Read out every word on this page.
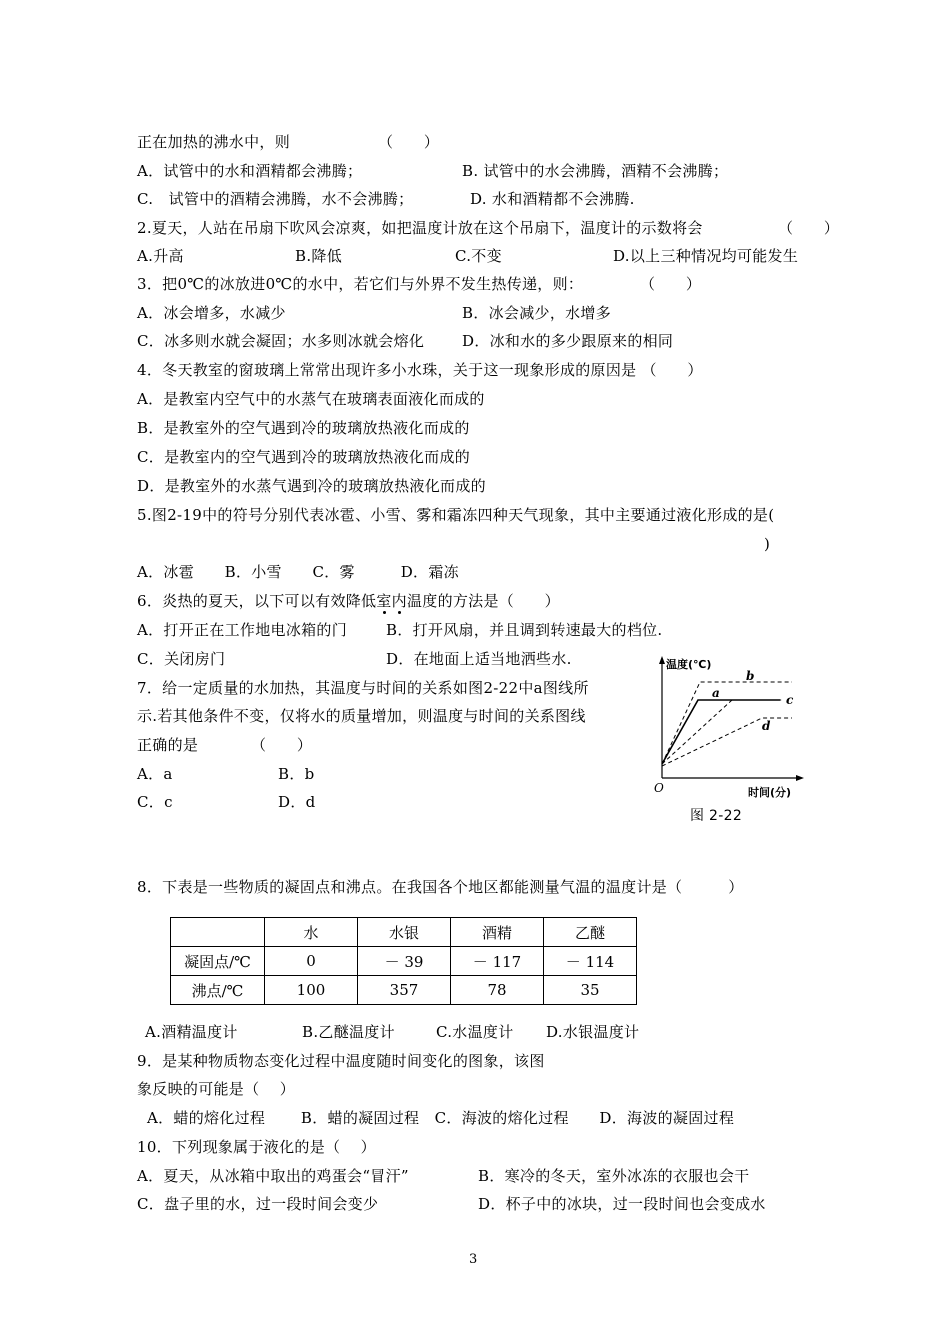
正在加热的沸水中，则	（　　）
A．试管中的水和酒精都会沸腾；	B. 试管中的水会沸腾，酒精不会沸腾；
C.　试管中的酒精会沸腾，水不会沸腾；	D. 水和酒精都不会沸腾.
2.夏天，人站在吊扇下吹风会凉爽，如把温度计放在这个吊扇下，温度计的示数将会	（　　）
A.升高	B.降低	C.不变	D.以上三种情况均可能发生
3．把0℃的冰放进0℃的水中，若它们与外界不发生热传递，则：	（　　）
A．冰会增多，水减少	B．冰会减少，水增多
C．冰多则水就会凝固；水多则冰就会熔化	D．冰和水的多少跟原来的相同
4．冬天教室的窗玻璃上常常出现许多小水珠，关于这一现象形成的原因是 （　　）
A．是教室内空气中的水蒸气在玻璃表面液化而成的
B．是教室外的空气遇到冷的玻璃放热液化而成的
C．是教室内的空气遇到冷的玻璃放热液化而成的
D．是教室外的水蒸气遇到冷的玻璃放热液化而成的
5.图2-19中的符号分别代表冰雹、小雪、雾和霜冻四种天气现象，其中主要通过液化形成的是(
)
A．冰雹　　B．小雪　　C．雾　　　D．霜冻
6．炎热的夏天，以下可以有效降低室内温度的方法是（　　）
A．打开正在工作地电冰箱的门	B．打开风扇，并且调到转速最大的档位.
C．关闭房门	D．在地面上适当地洒些水.
7．给一定质量的水加热，其温度与时间的关系如图2-22中a图线所
示.若其他条件不变，仅将水的质量增加，则温度与时间的关系图线
正确的是	（　　）
A．a	B．b
C．c	D．d
温度(℃)
时间(分)
O
b
a	c
d
图 2-22
8．下表是一些物质的凝固点和沸点。在我国各个地区都能测量气温的温度计是（　　　）
	水	水银	酒精	乙醚
凝固点/℃	0	－ 39	－ 117	－ 114
沸点/℃	100	357	78	35
A.酒精温度计	B.乙醚温度计	C.水温度计 D.水银温度计
9．是某种物质物态变化过程中温度随时间变化的图象，该图
象反映的可能是（　 ）
A．蜡的熔化过程　　 B．蜡的凝固过程　C．海波的熔化过程　　D．海波的凝固过程
10．下列现象属于液化的是（　 ）
A．夏天，从冰箱中取出的鸡蛋会“冒汗”	B．寒冷的冬天，室外冰冻的衣服也会干
C．盘子里的水，过一段时间会变少	D．杯子中的冰块，过一段时间也会变成水
3
